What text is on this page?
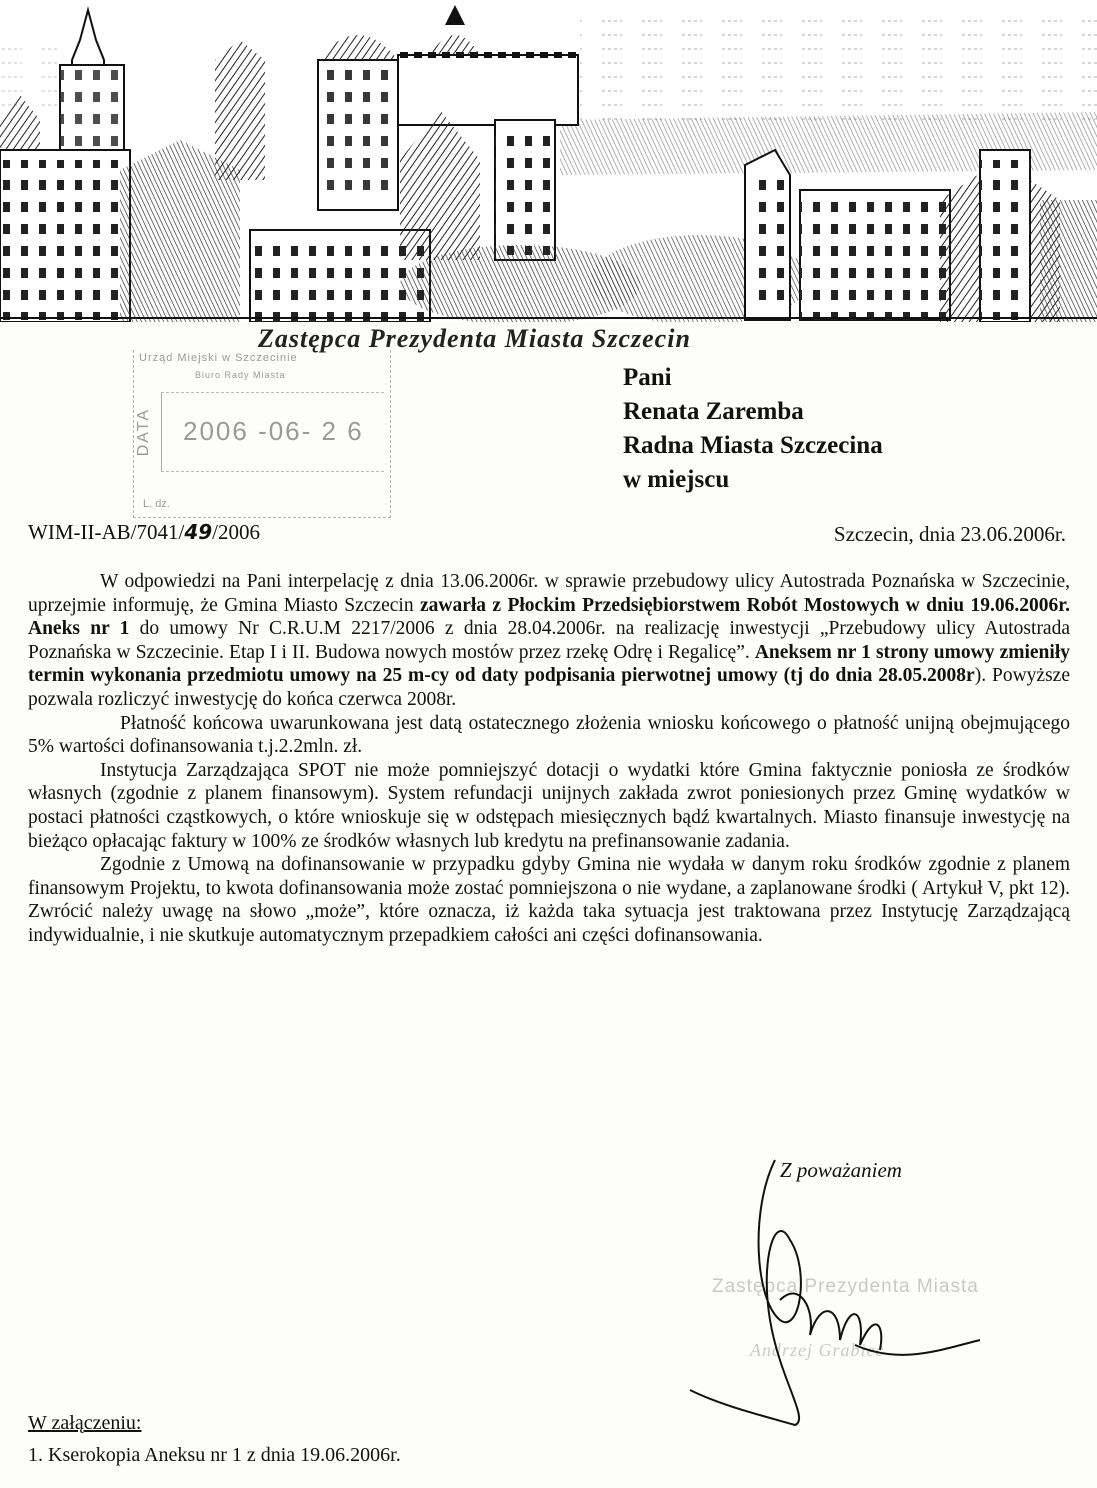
Zastępca Prezydenta Miasta Szczecin
Urząd Miejski w Szczecinie
Biuro Rady Miasta
DATA 2006 -06- 2 6
L. dz.
Pani
Renata Zaremba
Radna Miasta Szczecina
w miejscu
WIM-II-AB/7041/49/2006	Szczecin, dnia 23.06.2006r.

W odpowiedzi na Pani interpelację z dnia 13.06.2006r. w sprawie przebudowy ulicy Autostrada Poznańska w Szczecinie, uprzejmie informuję, że Gmina Miasto Szczecin zawarła z Płockim Przedsiębiorstwem Robót Mostowych w dniu 19.06.2006r. Aneks nr 1 do umowy Nr C.R.U.M 2217/2006 z dnia 28.04.2006r. na realizację inwestycji „Przebudowy ulicy Autostrada Poznańska w Szczecinie. Etap I i II. Budowa nowych mostów przez rzekę Odrę i Regalicę”. Aneksem nr 1 strony umowy zmieniły termin wykonania przedmiotu umowy na 25 m-cy od daty podpisania pierwotnej umowy (tj do dnia 28.05.2008r). Powyższe pozwala rozliczyć inwestycję do końca czerwca 2008r.

Płatność końcowa uwarunkowana jest datą ostatecznego złożenia wniosku końcowego o płatność unijną obejmującego 5% wartości dofinansowania t.j.2.2mln. zł.

Instytucja Zarządzająca SPOT nie może pomniejszyć dotacji o wydatki które Gmina faktycznie poniosła ze środków własnych (zgodnie z planem finansowym). System refundacji unijnych zakłada zwrot poniesionych przez Gminę wydatków w postaci płatności cząstkowych, o które wnioskuje się w odstępach miesięcznych bądź kwartalnych. Miasto finansuje inwestycję na bieżąco opłacając faktury w 100% ze środków własnych lub kredytu na prefinansowanie zadania.

Zgodnie z Umową na dofinansowanie w przypadku gdyby Gmina nie wydała w danym roku środków zgodnie z planem finansowym Projektu, to kwota dofinansowania może zostać pomniejszona o nie wydane, a zaplanowane środki ( Artykuł V, pkt 12). Zwrócić należy uwagę na słowo „może”, które oznacza, iż każda taka sytuacja jest traktowana przez Instytucję Zarządzającą indywidualnie, i nie skutkuje automatycznym przepadkiem całości ani części dofinansowania.

Z poważaniem
Zastępca Prezydenta Miasta
Andrzej Grabiec
W załączeniu:
1. Kserokopia Aneksu nr 1 z dnia 19.06.2006r.
